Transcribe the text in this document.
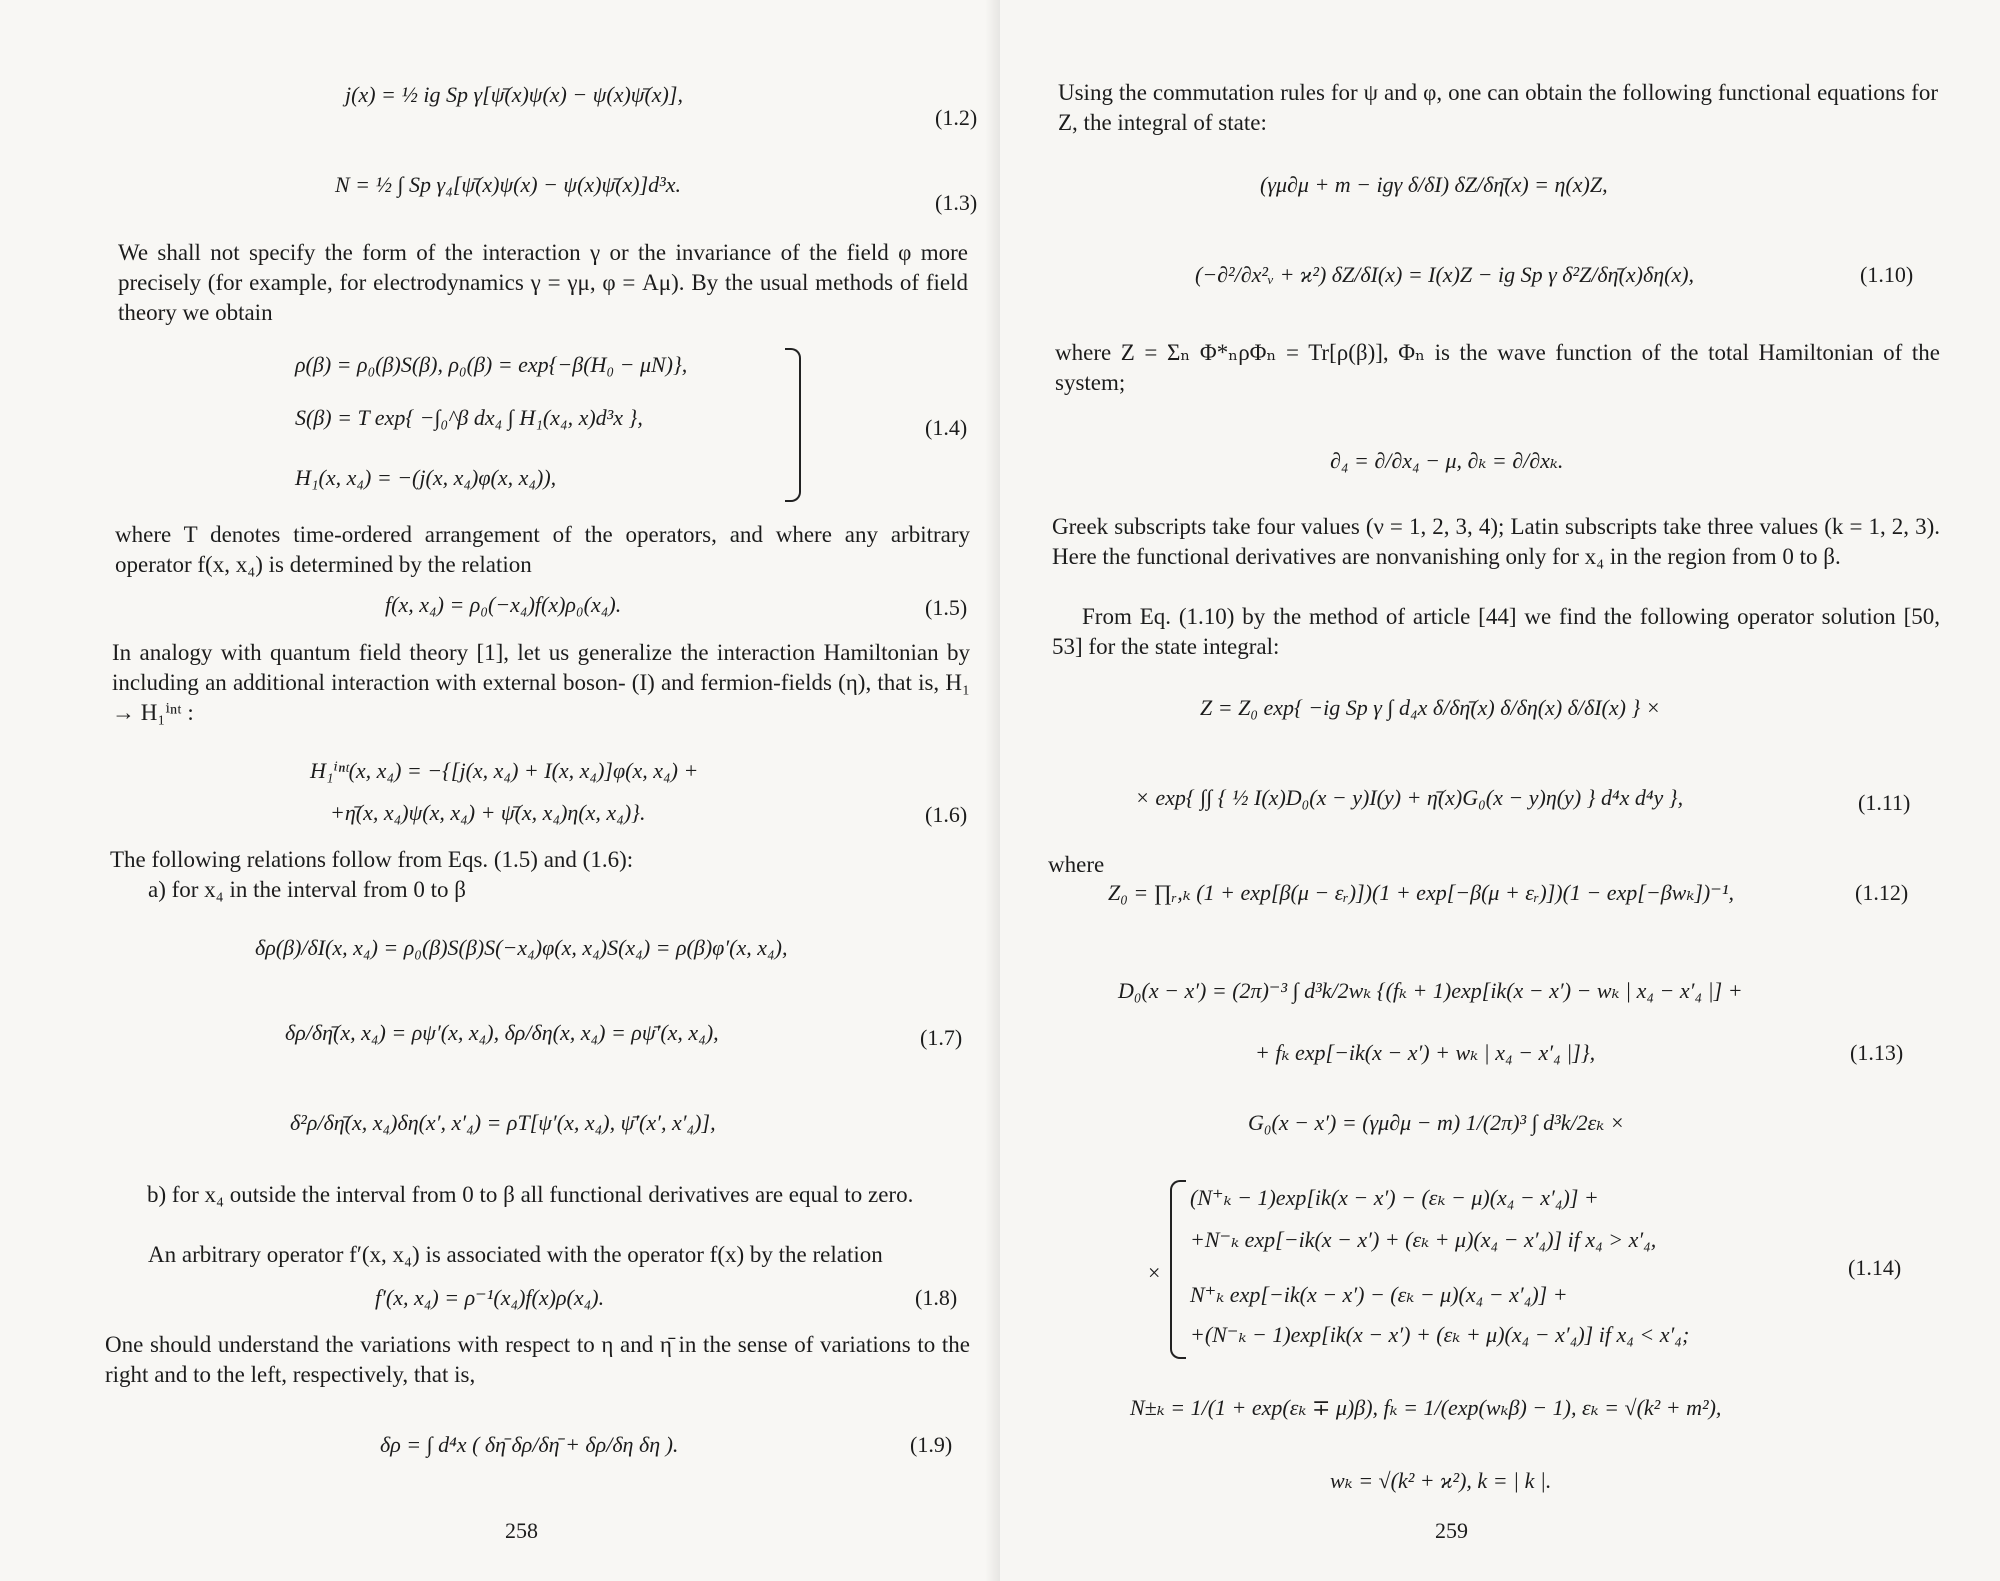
j(x) = ½ ig Sp γ[ψ̄(x)ψ(x) − ψ(x)ψ̄(x)],
(1.2)
N = ½ ∫ Sp γ₄[ψ̄(x)ψ(x) − ψ(x)ψ̄(x)]d³x.
(1.3)
We shall not specify the form of the interaction γ or the invariance of the field φ more precisely (for example, for electrodynamics γ = γμ, φ = Aμ). By the usual methods of field theory we obtain
ρ(β) = ρ₀(β)S(β), ρ₀(β) = exp{−β(H₀ − μN)},
S(β) = T exp{ −∫₀^β dx₄ ∫ H₁(x₄, x)d³x },
H₁(x, x₄) = −(j(x, x₄)φ(x, x₄)),
(1.4)
where T denotes time-ordered arrangement of the operators, and where any arbitrary operator f(x, x₄) is determined by the relation
f(x, x₄) = ρ₀(−x₄)f(x)ρ₀(x₄).	(1.5)
In analogy with quantum field theory [1], let us generalize the interaction Hamiltonian by including an additional interaction with external boson- (I) and fermion-fields (η), that is, H₁ → H₁ⁱⁿᵗ :
H₁ⁱⁿᵗ(x, x₄) = −{[j(x, x₄) + I(x, x₄)]φ(x, x₄) +
+η̄(x, x₄)ψ(x, x₄) + ψ̄(x, x₄)η(x, x₄)}.	(1.6)
The following relations follow from Eqs. (1.5) and (1.6):
a) for x₄ in the interval from 0 to β
δρ(β)/δI(x, x₄) = ρ₀(β)S(β)S(−x₄)φ(x, x₄)S(x₄) = ρ(β)φ′(x, x₄),
δρ/δη̄(x, x₄) = ρψ′(x, x₄), δρ/δη(x, x₄) = ρψ̄′(x, x₄),	(1.7)
δ²ρ/δη̄(x, x₄)δη(x′, x′₄) = ρT[ψ′(x, x₄), ψ̄′(x′, x′₄)],
b) for x₄ outside the interval from 0 to β all functional derivatives are equal to zero.
An arbitrary operator f′(x, x₄) is associated with the operator f(x) by the relation
f′(x, x₄) = ρ⁻¹(x₄)f(x)ρ(x₄).	(1.8)
One should understand the variations with respect to η and η̄ in the sense of variations to the right and to the left, respectively, that is,
δρ = ∫ d⁴x ( δη̄ δρ/δη̄ + δρ/δη δη ).	(1.9)
258
Using the commutation rules for ψ and φ, one can obtain the following functional equations for Z, the integral of state:
(γμ∂μ + m − igγ δ/δI) δZ/δη̄(x) = η(x)Z,
(−∂²/∂x²ᵥ + ϰ²) δZ/δI(x) = I(x)Z − ig Sp γ δ²Z/δη̄(x)δη(x),	(1.10)
where Z = Σₙ Φ*ₙρΦₙ = Tr[ρ(β)], Φₙ is the wave function of the total Hamiltonian of the system;
∂₄ = ∂/∂x₄ − μ, ∂ₖ = ∂/∂xₖ.
Greek subscripts take four values (ν = 1, 2, 3, 4); Latin subscripts take three values (k = 1, 2, 3). Here the functional derivatives are nonvanishing only for x₄ in the region from 0 to β.
From Eq. (1.10) by the method of article [44] we find the following operator solution [50, 53] for the state integral:
Z = Z₀ exp{ −ig Sp γ ∫ d₄x δ/δη̄(x) δ/δη(x) δ/δI(x) } ×
× exp{ ∫∫ { ½ I(x)D₀(x − y)I(y) + η̄(x)G₀(x − y)η(y) } d⁴x d⁴y },	(1.11)
where
Z₀ = ∏ᵣ,ₖ (1 + exp[β(μ − εᵣ)])(1 + exp[−β(μ + εᵣ)])(1 − exp[−βwₖ])⁻¹,	(1.12)
D₀(x − x′) = (2π)⁻³ ∫ d³k/2wₖ {(fₖ + 1)exp[ik(x − x′) − wₖ | x₄ − x′₄ |] +
+ fₖ exp[−ik(x − x′) + wₖ | x₄ − x′₄ |]},	(1.13)
G₀(x − x′) = (γμ∂μ − m) 1/(2π)³ ∫ d³k/2εₖ ×
×
(N⁺ₖ − 1)exp[ik(x − x′) − (εₖ − μ)(x₄ − x′₄)] +
+N⁻ₖ exp[−ik(x − x′) + (εₖ + μ)(x₄ − x′₄)] if x₄ > x′₄,
N⁺ₖ exp[−ik(x − x′) − (εₖ − μ)(x₄ − x′₄)] +
+(N⁻ₖ − 1)exp[ik(x − x′) + (εₖ + μ)(x₄ − x′₄)] if x₄ < x′₄;
(1.14)
N±ₖ = 1/(1 + exp(εₖ ∓ μ)β), fₖ = 1/(exp(wₖβ) − 1), εₖ = √(k² + m²),
wₖ = √(k² + ϰ²), k = | k |.
259
